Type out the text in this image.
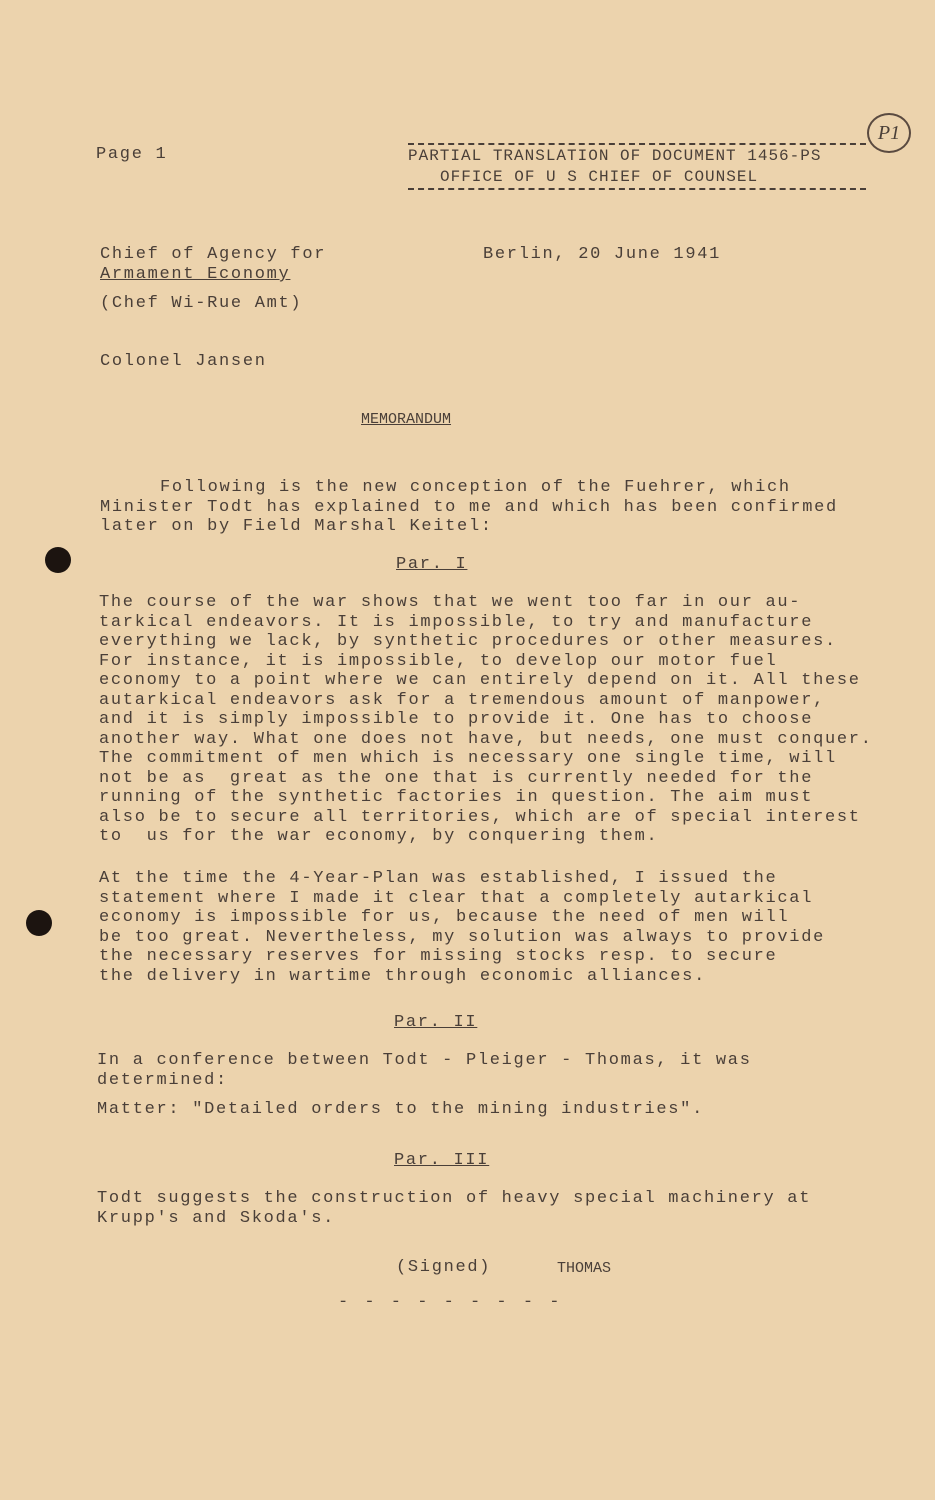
Page 1	PARTIAL TRANSLATION OF DOCUMENT 1456-PS
OFFICE OF U S CHIEF OF COUNSEL
P1
Chief of Agency for
Armament Economy
(Chef Wi-Rue Amt)
Berlin, 20 June 1941
Colonel Jansen
MEMORANDUM
Following is the new conception of the Fuehrer, which
Minister Todt has explained to me and which has been confirmed
later on by Field Marshal Keitel:
Par. I
The course of the war shows that we went too far in our au-
tarkical endeavors. It is impossible, to try and manufacture
everything we lack, by synthetic procedures or other measures.
For instance, it is impossible, to develop our motor fuel
economy to a point where we can entirely depend on it. All these
autarkical endeavors ask for a tremendous amount of manpower,
and it is simply impossible to provide it. One has to choose
another way. What one does not have, but needs, one must conquer.
The commitment of men which is necessary one single time, will
not be as  great as the one that is currently needed for the
running of the synthetic factories in question. The aim must
also be to secure all territories, which are of special interest
to  us for the war economy, by conquering them.
At the time the 4-Year-Plan was established, I issued the
statement where I made it clear that a completely autarkical
economy is impossible for us, because the need of men will
be too great. Nevertheless, my solution was always to provide
the necessary reserves for missing stocks resp. to secure
the delivery in wartime through economic alliances.
Par. II
In a conference between Todt - Pleiger - Thomas, it was
determined:
Matter: "Detailed orders to the mining industries".
Par. III
Todt suggests the construction of heavy special machinery at
Krupp's and Skoda's.
(Signed)	THOMAS
- - - - - - - - -
